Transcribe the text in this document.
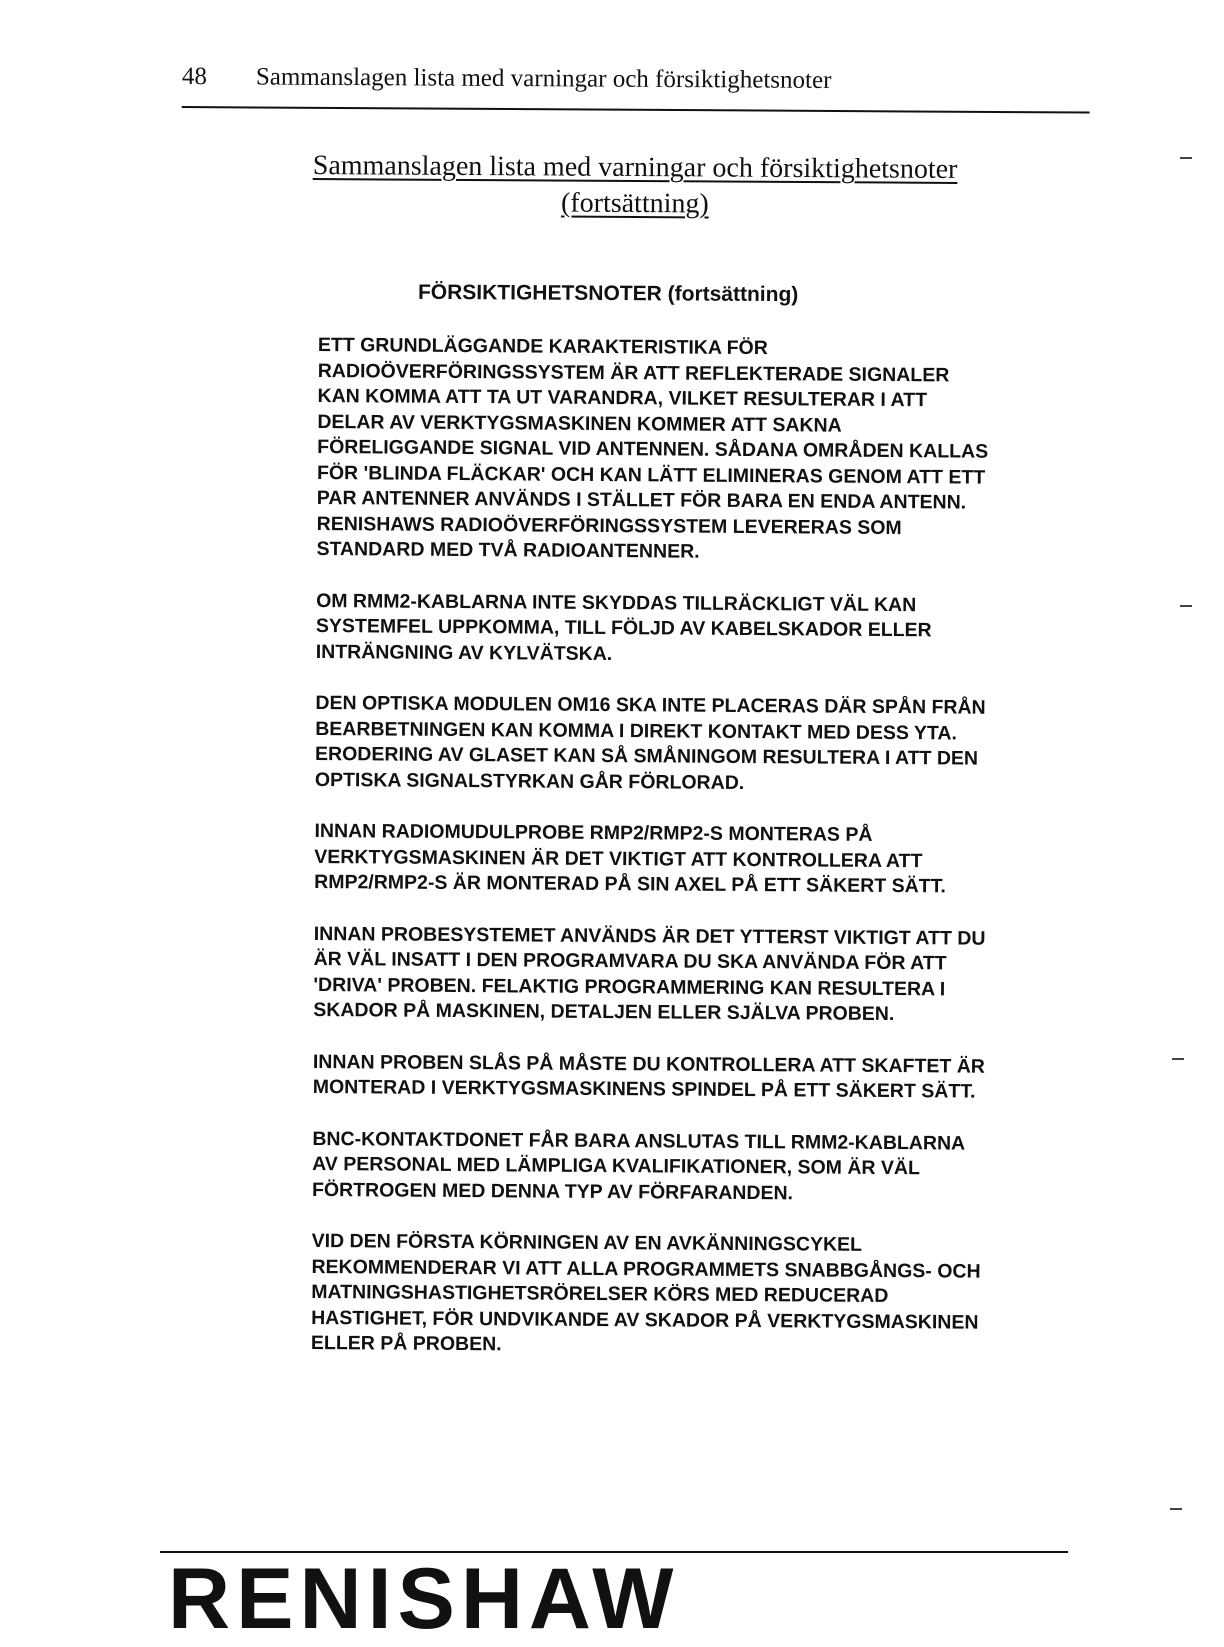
48 Sammanslagen lista med varningar och försiktighetsnoter
Sammanslagen lista med varningar och försiktighetsnoter
(fortsättning)
FÖRSIKTIGHETSNOTER (fortsättning)

ETT GRUNDLÄGGANDE KARAKTERISTIKA FÖR
RADIOÖVERFÖRINGSSYSTEM ÄR ATT REFLEKTERADE SIGNALER
KAN KOMMA ATT TA UT VARANDRA, VILKET RESULTERAR I ATT
DELAR AV VERKTYGSMASKINEN KOMMER ATT SAKNA
FÖRELIGGANDE SIGNAL VID ANTENNEN. SÅDANA OMRÅDEN KALLAS
FÖR 'BLINDA FLÄCKAR' OCH KAN LÄTT ELIMINERAS GENOM ATT ETT
PAR ANTENNER ANVÄNDS I STÄLLET FÖR BARA EN ENDA ANTENN.
RENISHAWS RADIOÖVERFÖRINGSSYSTEM LEVERERAS SOM
STANDARD MED TVÅ RADIOANTENNER.

OM RMM2-KABLARNA INTE SKYDDAS TILLRÄCKLIGT VÄL KAN
SYSTEMFEL UPPKOMMA, TILL FÖLJD AV KABELSKADOR ELLER
INTRÄNGNING AV KYLVÄTSKA.

DEN OPTISKA MODULEN OM16 SKA INTE PLACERAS DÄR SPÅN FRÅN
BEARBETNINGEN KAN KOMMA I DIREKT KONTAKT MED DESS YTA.
ERODERING AV GLASET KAN SÅ SMÅNINGOM RESULTERA I ATT DEN
OPTISKA SIGNALSTYRKAN GÅR FÖRLORAD.

INNAN RADIOMUDULPROBE RMP2/RMP2-S MONTERAS PÅ
VERKTYGSMASKINEN ÄR DET VIKTIGT ATT KONTROLLERA ATT
RMP2/RMP2-S ÄR MONTERAD PÅ SIN AXEL PÅ ETT SÄKERT SÄTT.

INNAN PROBESYSTEMET ANVÄNDS ÄR DET YTTERST VIKTIGT ATT DU
ÄR VÄL INSATT I DEN PROGRAMVARA DU SKA ANVÄNDA FÖR ATT
'DRIVA' PROBEN. FELAKTIG PROGRAMMERING KAN RESULTERA I
SKADOR PÅ MASKINEN, DETALJEN ELLER SJÄLVA PROBEN.

INNAN PROBEN SLÅS PÅ MÅSTE DU KONTROLLERA ATT SKAFTET ÄR
MONTERAD I VERKTYGSMASKINENS SPINDEL PÅ ETT SÄKERT SÄTT.

BNC-KONTAKTDONET FÅR BARA ANSLUTAS TILL RMM2-KABLARNA
AV PERSONAL MED LÄMPLIGA KVALIFIKATIONER, SOM ÄR VÄL
FÖRTROGEN MED DENNA TYP AV FÖRFARANDEN.

VID DEN FÖRSTA KÖRNINGEN AV EN AVKÄNNINGSCYKEL
REKOMMENDERAR VI ATT ALLA PROGRAMMETS SNABBGÅNGS- OCH
MATNINGSHASTIGHETSRÖRELSER KÖRS MED REDUCERAD
HASTIGHET, FÖR UNDVIKANDE AV SKADOR PÅ VERKTYGSMASKINEN
ELLER PÅ PROBEN.

RENISHAW
